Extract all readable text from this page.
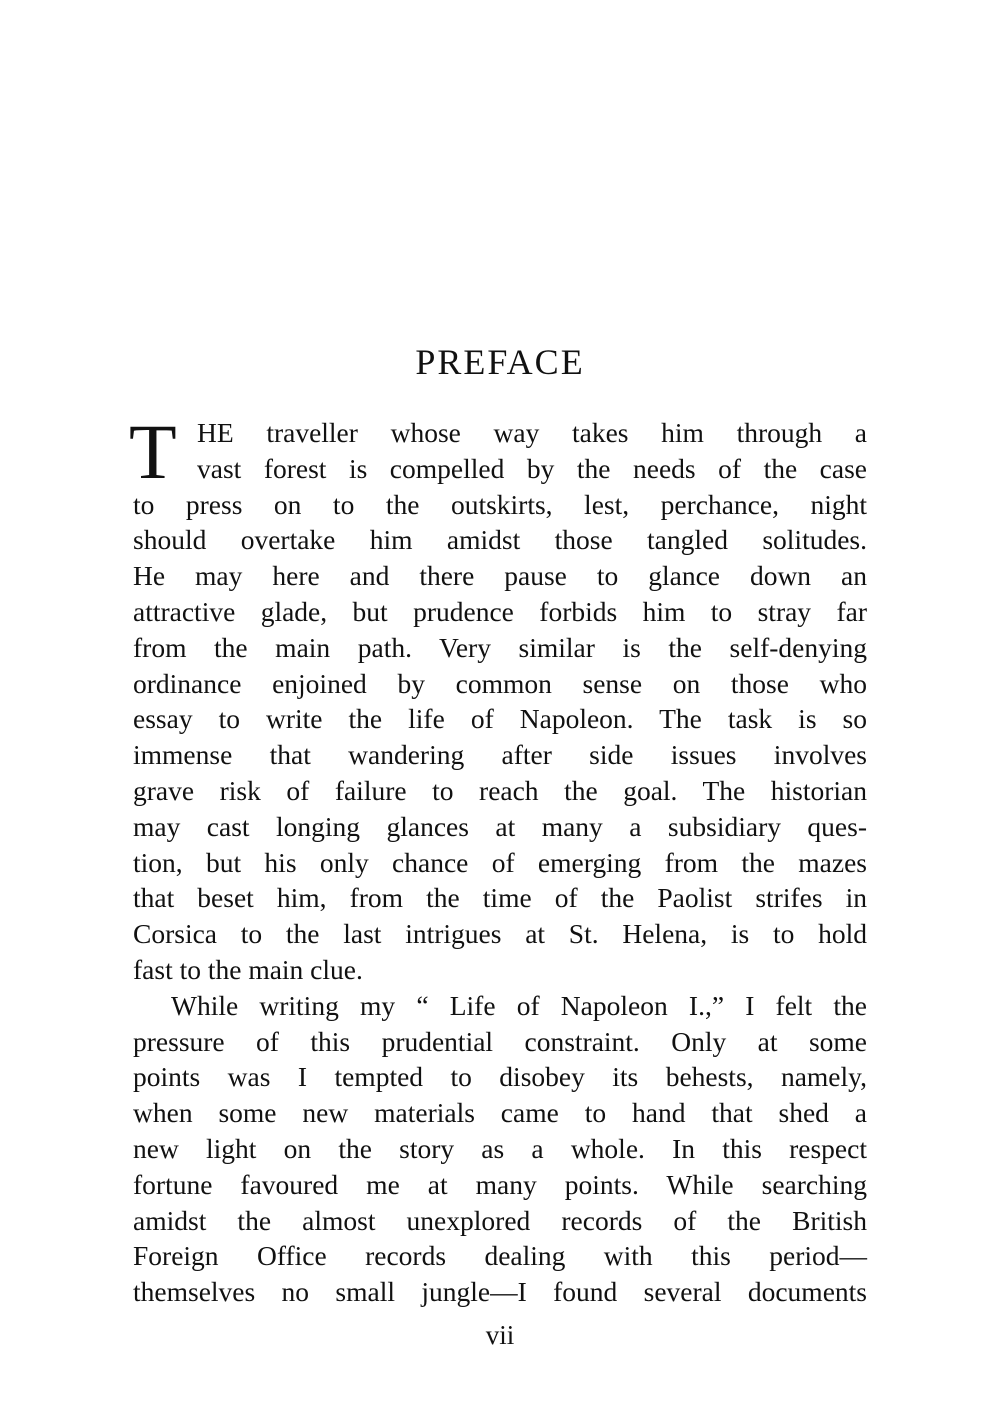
PREFACE
T HE traveller whose way takes him through a
vast forest is compelled by the needs of the case
to press on to the outskirts, lest, perchance, night
should overtake him amidst those tangled solitudes.
He may here and there pause to glance down an
attractive glade, but prudence forbids him to stray far
from the main path. Very similar is the self-denying
ordinance enjoined by common sense on those who
essay to write the life of Napoleon. The task is so
immense that wandering after side issues involves
grave risk of failure to reach the goal. The historian
may cast longing glances at many a subsidiary ques-
tion, but his only chance of emerging from the mazes
that beset him, from the time of the Paolist strifes in
Corsica to the last intrigues at St. Helena, is to hold
fast to the main clue.
While writing my “ Life of Napoleon I.,” I felt the
pressure of this prudential constraint. Only at some
points was I tempted to disobey its behests, namely,
when some new materials came to hand that shed a
new light on the story as a whole. In this respect
fortune favoured me at many points. While searching
amidst the almost unexplored records of the British
Foreign Office records dealing with this period—
themselves no small jungle—I found several documents
vii
